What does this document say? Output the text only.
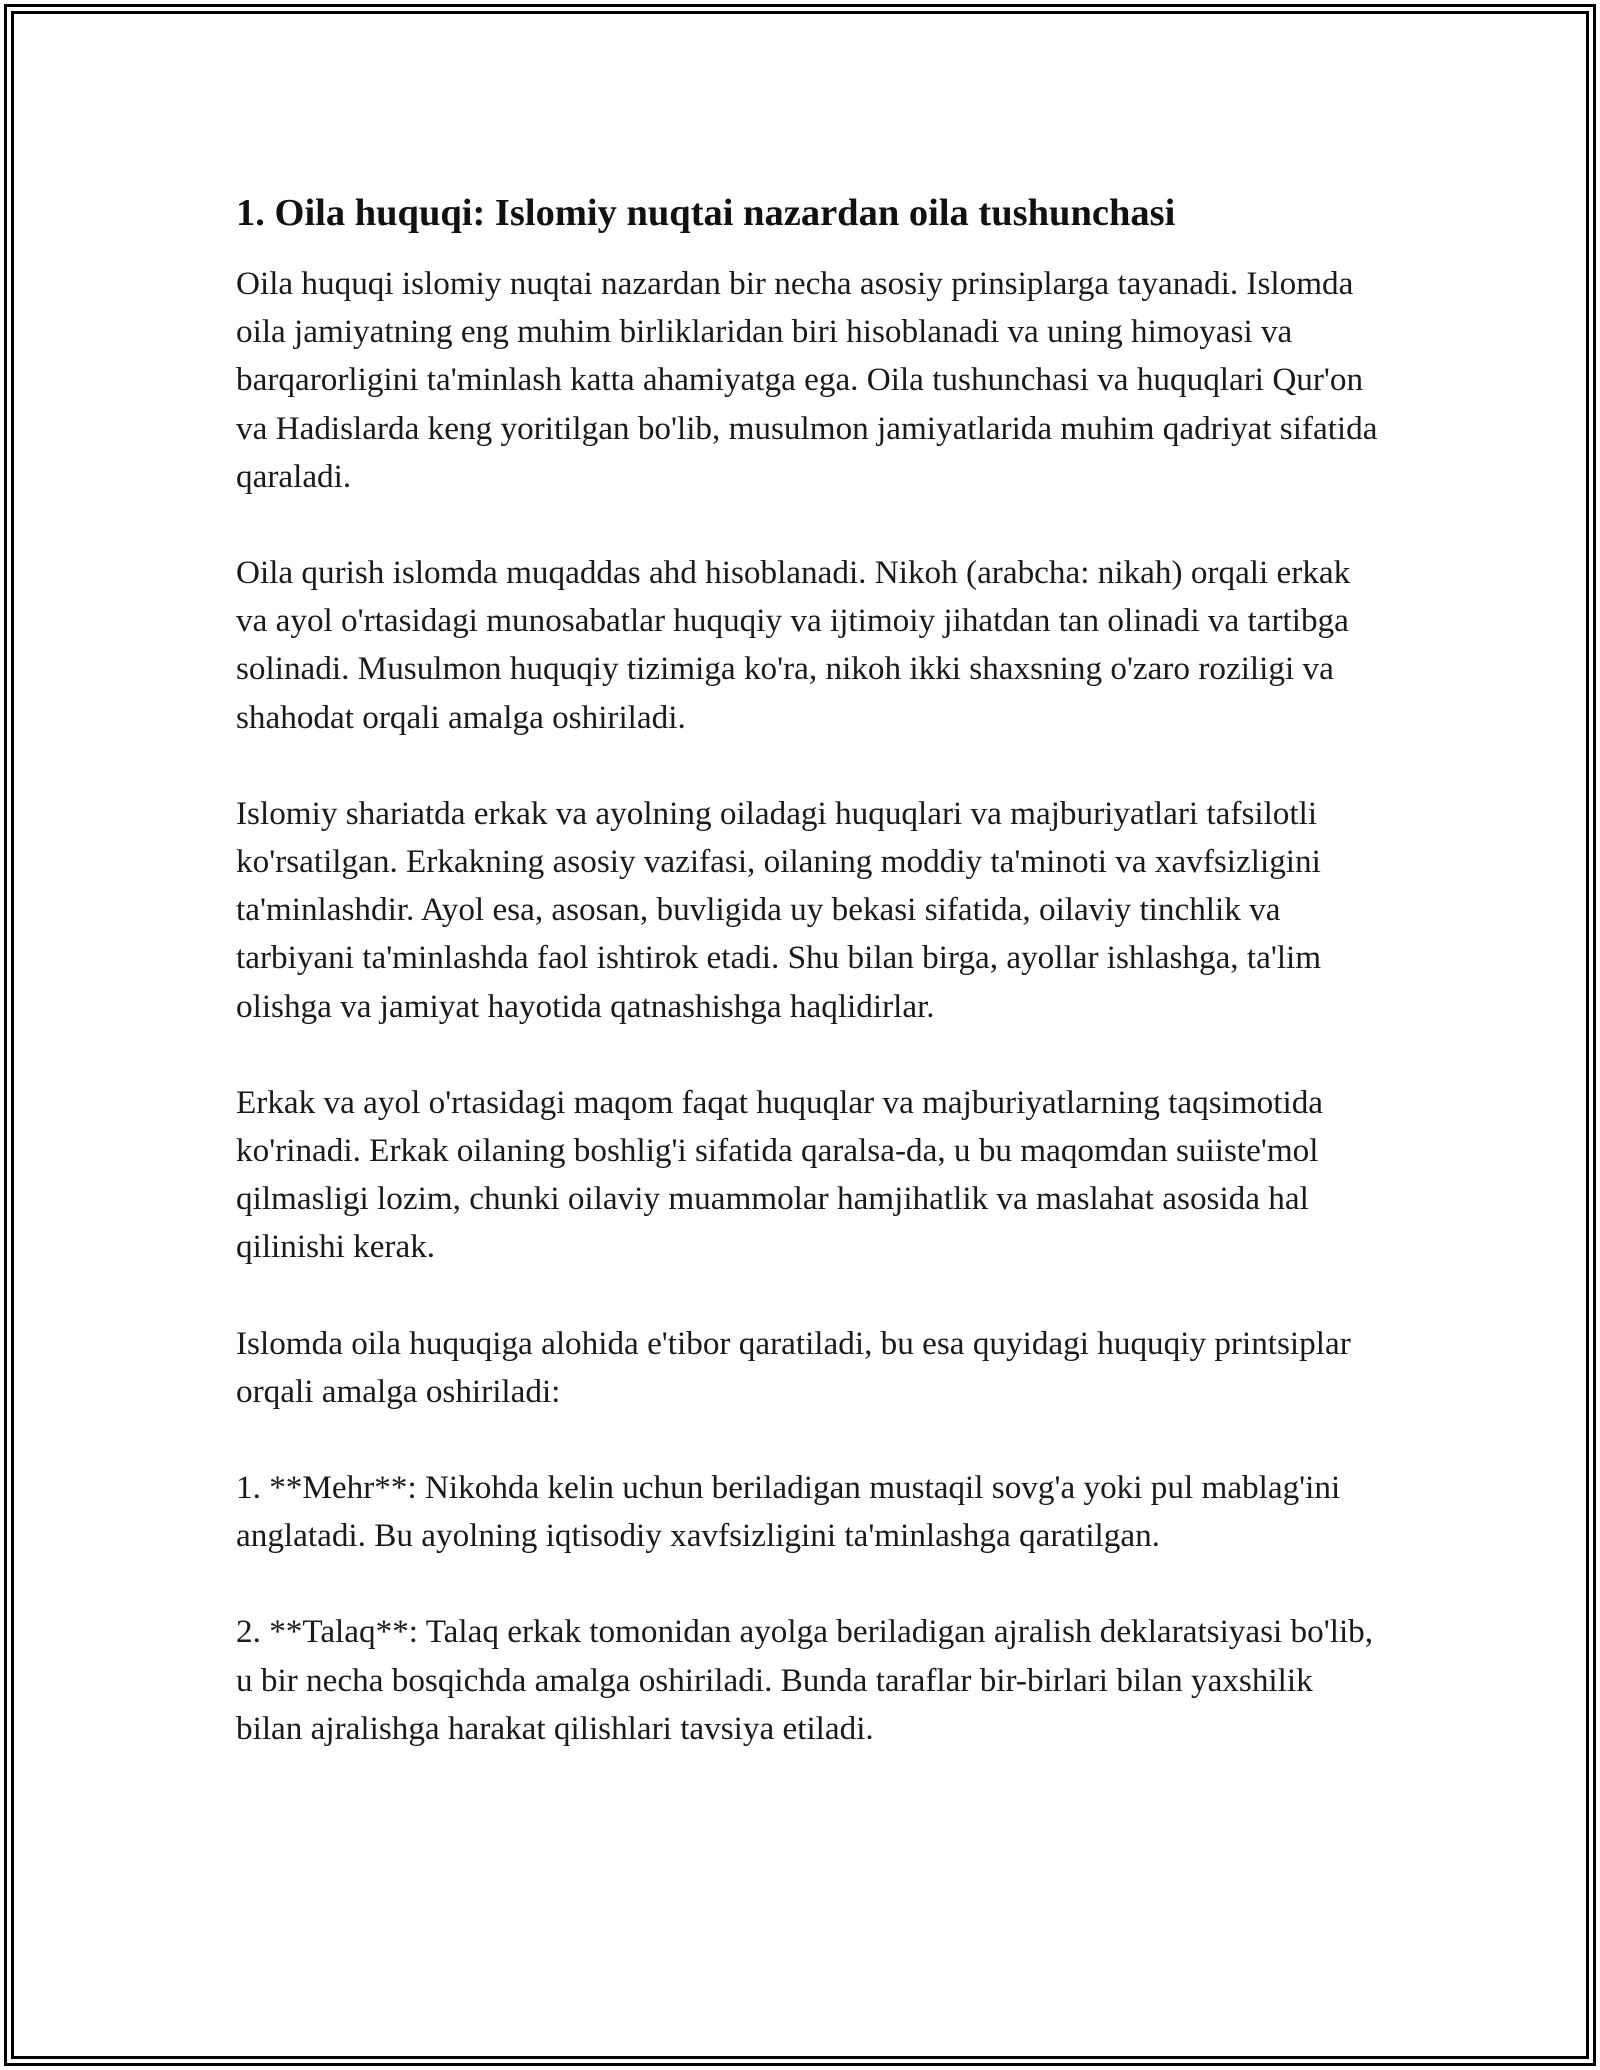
1. Oila huquqi: Islomiy nuqtai nazardan oila tushunchasi

Oila huquqi islomiy nuqtai nazardan bir necha asosiy prinsiplarga tayanadi. Islomda oila jamiyatning eng muhim birliklaridan biri hisoblanadi va uning himoyasi va barqarorligini ta'minlash katta ahamiyatga ega. Oila tushunchasi va huquqlari Qur'on va Hadislarda keng yoritilgan bo'lib, musulmon jamiyatlarida muhim qadriyat sifatida qaraladi.

Oila qurish islomda muqaddas ahd hisoblanadi. Nikoh (arabcha: nikah) orqali erkak va ayol o'rtasidagi munosabatlar huquqiy va ijtimoiy jihatdan tan olinadi va tartibga solinadi. Musulmon huquqiy tizimiga ko'ra, nikoh ikki shaxsning o'zaro roziligi va shahodat orqali amalga oshiriladi.

Islomiy shariatda erkak va ayolning oiladagi huquqlari va majburiyatlari tafsilotli ko'rsatilgan. Erkakning asosiy vazifasi, oilaning moddiy ta'minoti va xavfsizligini ta'minlashdir. Ayol esa, asosan, buvligida uy bekasi sifatida, oilaviy tinchlik va tarbiyani ta'minlashda faol ishtirok etadi. Shu bilan birga, ayollar ishlashga, ta'lim olishga va jamiyat hayotida qatnashishga haqlidirlar.

Erkak va ayol o'rtasidagi maqom faqat huquqlar va majburiyatlarning taqsimotida ko'rinadi. Erkak oilaning boshlig'i sifatida qaralsa-da, u bu maqomdan suiiste'mol qilmasligi lozim, chunki oilaviy muammolar hamjihatlik va maslahat asosida hal qilinishi kerak.

Islomda oila huquqiga alohida e'tibor qaratiladi, bu esa quyidagi huquqiy printsiplar orqali amalga oshiriladi:

1. **Mehr**: Nikohda kelin uchun beriladigan mustaqil sovg'a yoki pul mablag'ini anglatadi. Bu ayolning iqtisodiy xavfsizligini ta'minlashga qaratilgan.

2. **Talaq**: Talaq erkak tomonidan ayolga beriladigan ajralish deklaratsiyasi bo'lib, u bir necha bosqichda amalga oshiriladi. Bunda taraflar bir-birlari bilan yaxshilik bilan ajralishga harakat qilishlari tavsiya etiladi.
